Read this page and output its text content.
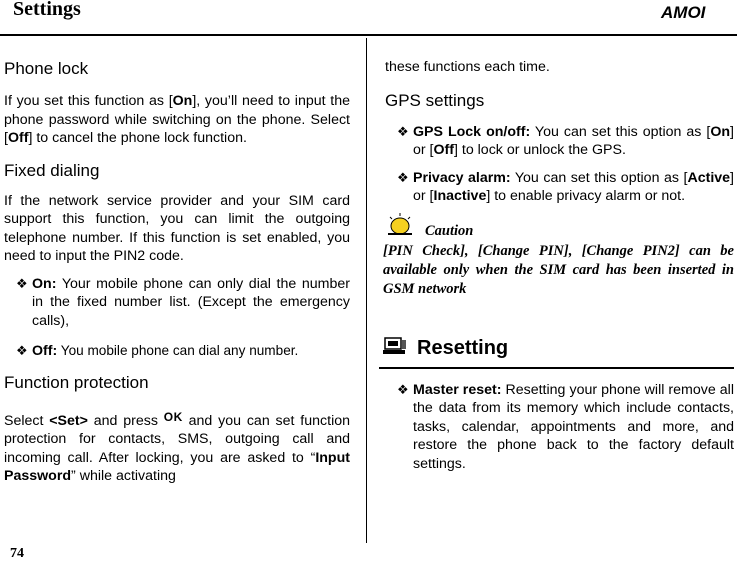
Settings	AMOI
Phone lock

If you set this function as [On], you’ll need to input the phone password while switching on the phone. Select [Off] to cancel the phone lock function.

Fixed dialing

If the network service provider and your SIM card support this function, you can limit the outgoing telephone number. If this function is set enabled, you need to input the PIN2 code.

❖ On: Your mobile phone can only dial the number in the fixed number list. (Except the emergency calls),
❖ Off: You mobile phone can dial any number.
Function protection

Select <Set> and press OK and you can set function protection for contacts, SMS, outgoing call and incoming call. After locking, you are asked to “Input Password” while activating

these functions each time.

GPS settings
❖ GPS Lock on/off: You can set this option as [On] or [Off] to lock or unlock the GPS.
❖ Privacy alarm: You can set this option as [Active] or [Inactive] to enable privacy alarm or not.
Caution

[PIN Check], [Change PIN], [Change PIN2] can be available only when the SIM card has been inserted in GSM network

Resetting
❖ Master reset: Resetting your phone will remove all the data from its memory which include contacts, tasks, calendar, appointments and more, and restore the phone back to the factory default settings.
74
